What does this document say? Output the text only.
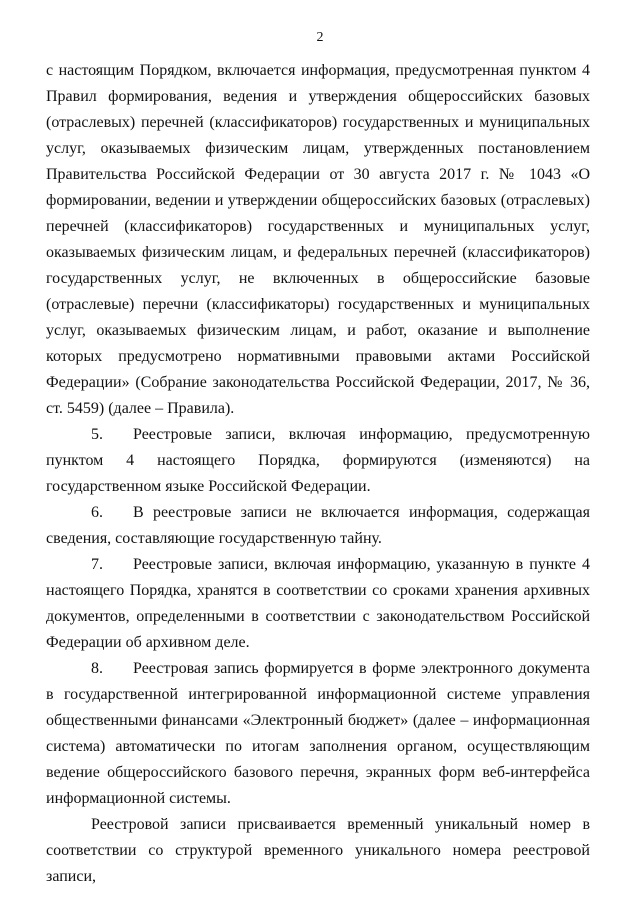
2

с настоящим Порядком, включается информация, предусмотренная пунктом 4 Правил формирования, ведения и утверждения общероссийских базовых (отраслевых) перечней (классификаторов) государственных и муниципальных услуг, оказываемых физическим лицам, утвержденных постановлением Правительства Российской Федерации от 30 августа 2017 г. № 1043 «О формировании, ведении и утверждении общероссийских базовых (отраслевых) перечней (классификаторов) государственных и муниципальных услуг, оказываемых физическим лицам, и федеральных перечней (классификаторов) государственных услуг, не включенных в общероссийские базовые (отраслевые) перечни (классификаторы) государственных и муниципальных услуг, оказываемых физическим лицам, и работ, оказание и выполнение которых предусмотрено нормативными правовыми актами Российской Федерации» (Собрание законодательства Российской Федерации, 2017, № 36, ст. 5459) (далее – Правила).

5. Реестровые записи, включая информацию, предусмотренную пунктом 4 настоящего Порядка, формируются (изменяются) на государственном языке Российской Федерации.

6. В реестровые записи не включается информация, содержащая сведения, составляющие государственную тайну.

7. Реестровые записи, включая информацию, указанную в пункте 4 настоящего Порядка, хранятся в соответствии со сроками хранения архивных документов, определенными в соответствии с законодательством Российской Федерации об архивном деле.

8. Реестровая запись формируется в форме электронного документа в государственной интегрированной информационной системе управления общественными финансами «Электронный бюджет» (далее – информационная система) автоматически по итогам заполнения органом, осуществляющим ведение общероссийского базового перечня, экранных форм веб-интерфейса информационной системы.

Реестровой записи присваивается временный уникальный номер в соответствии со структурой временного уникального номера реестровой записи,
